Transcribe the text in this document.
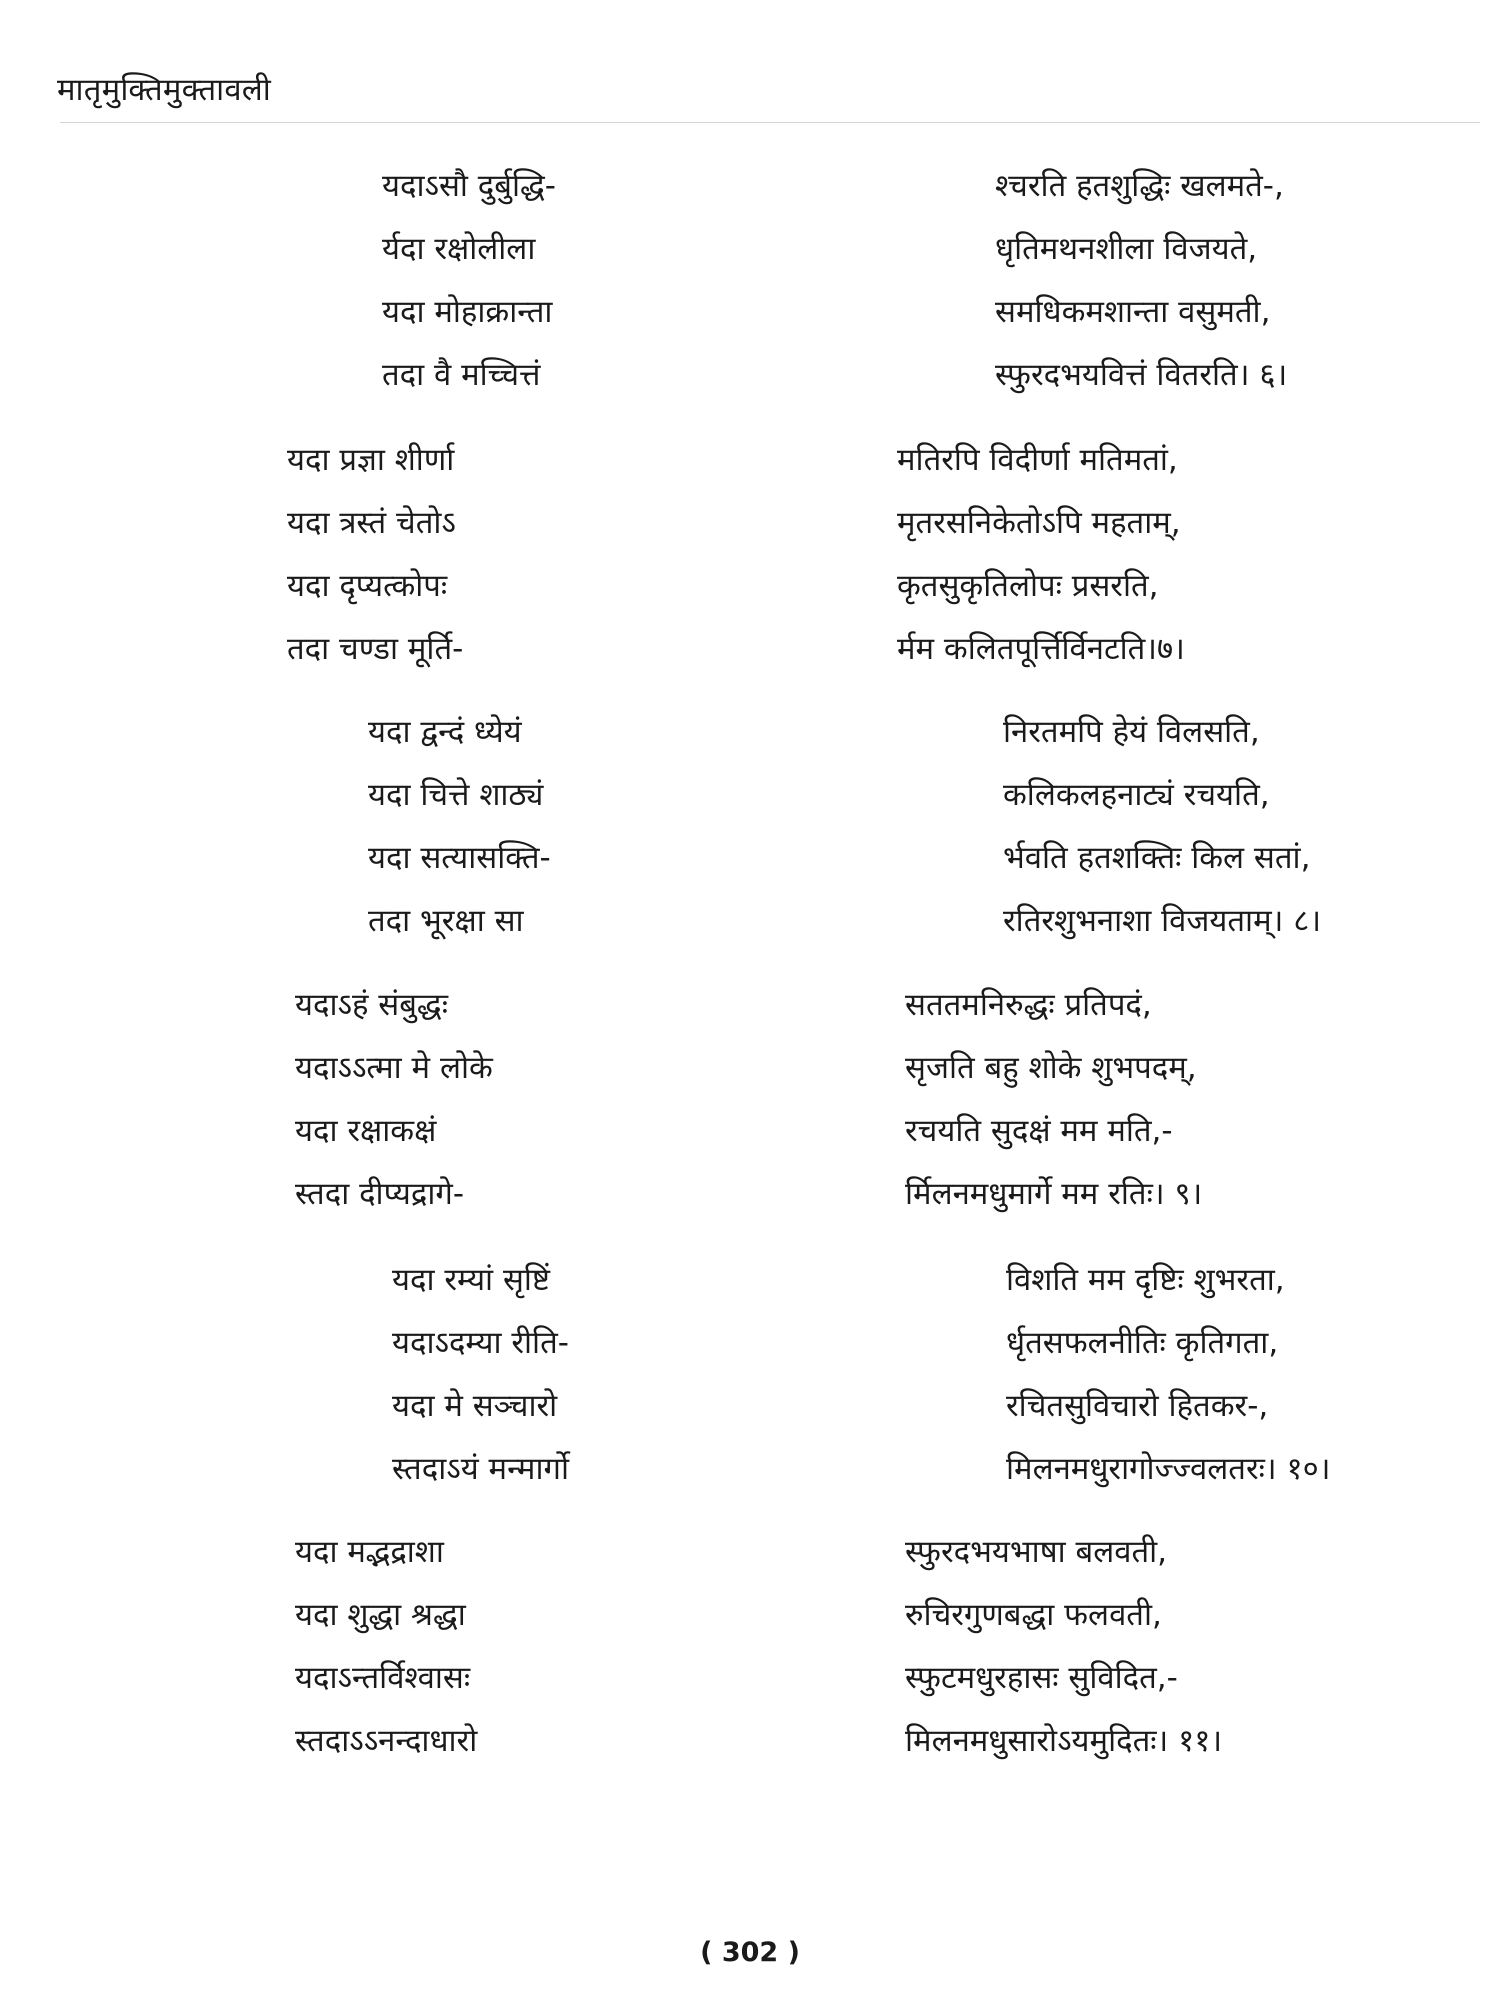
मातृमुक्तिमुक्तावली
यदाऽसौ दुर्बुद्धि-	श्चरति हतशुद्धिः खलमते-,
र्यदा रक्षोलीला	धृतिमथनशीला विजयते,
यदा मोहाक्रान्ता	समधिकमशान्ता वसुमती,
तदा वै मच्चित्तं	स्फुरदभयवित्तं वितरति। ६।
यदा प्रज्ञा शीर्णा	मतिरपि विदीर्णा मतिमतां,
यदा त्रस्तं चेतोऽ	मृतरसनिकेतोऽपि महताम्,
यदा दृप्यत्कोपः	कृतसुकृतिलोपः प्रसरति,
तदा चण्डा मूर्ति-	र्मम कलितपूर्त्तिर्विनटति।७।
यदा द्वन्दं ध्येयं	निरतमपि हेयं विलसति,
यदा चित्ते शाठ्यं	कलिकलहनाट्यं रचयति,
यदा सत्यासक्ति-	र्भवति हतशक्तिः किल सतां,
तदा भूरक्षा सा	रतिरशुभनाशा विजयताम्। ८।
यदाऽहं संबुद्धः	सततमनिरुद्धः प्रतिपदं,
यदाऽऽत्मा मे लोके	सृजति बहु शोके शुभपदम्,
यदा रक्षाकक्षं	रचयति सुदक्षं मम मति,-
स्तदा दीप्यद्रागे-	र्मिलनमधुमार्गे मम रतिः। ९।
यदा रम्यां सृष्टिं	विशति मम दृष्टिः शुभरता,
यदाऽदम्या रीति-	र्धृतसफलनीतिः कृतिगता,
यदा मे सञ्चारो	रचितसुविचारो हितकर-,
स्तदाऽयं मन्मार्गो	मिलनमधुरागोज्ज्वलतरः। १०।
यदा मद्भद्राशा	स्फुरदभयभाषा बलवती,
यदा शुद्धा श्रद्धा	रुचिरगुणबद्धा फलवती,
यदाऽन्तर्विश्वासः	स्फुटमधुरहासः सुविदित,-
स्तदाऽऽनन्दाधारो	मिलनमधुसारोऽयमुदितः। ११।
( 302 )
